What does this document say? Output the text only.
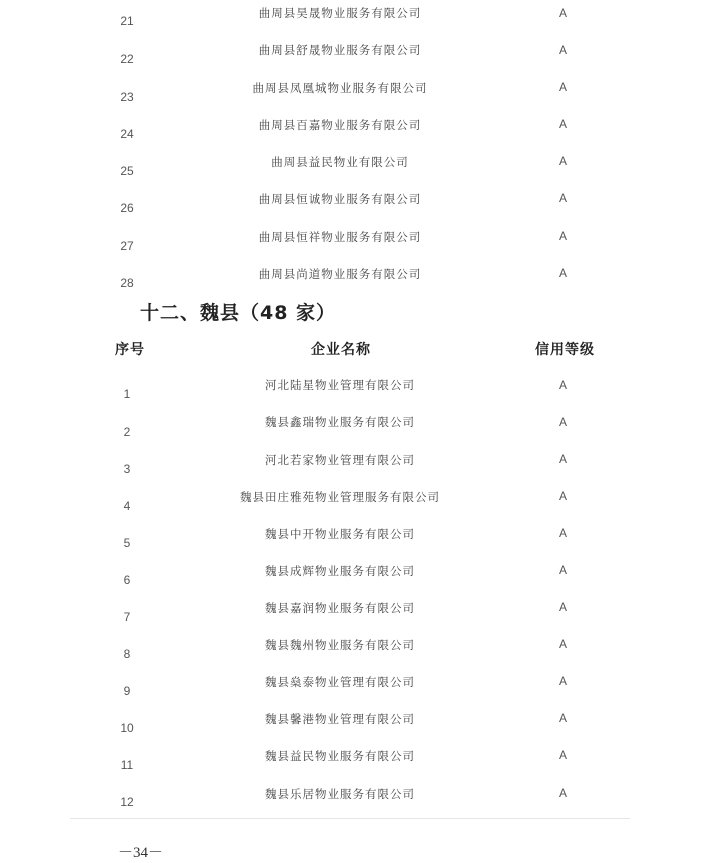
曲周县昊晟物业服务有限公司
21
A
曲周县舒晟物业服务有限公司
22
A
曲周县凤凰城物业服务有限公司
23
A
曲周县百嘉物业服务有限公司
24
A
曲周县益民物业有限公司
25
A
曲周县恒诚物业服务有限公司
26
A
曲周县恒祥物业服务有限公司
27
A
曲周县尚道物业服务有限公司
28
A
十二、魏县（48 家）
序号	企业名称	信用等级
河北陆星物业管理有限公司
1
A
魏县鑫瑞物业服务有限公司
2
A
河北若家物业管理有限公司
3
A
魏县田庄雅苑物业管理服务有限公司
4
A
魏县中开物业服务有限公司
5
A
魏县成辉物业服务有限公司
6
A
魏县嘉润物业服务有限公司
7
A
魏县魏州物业服务有限公司
8
A
魏县燊泰物业管理有限公司
9
A
魏县馨港物业管理有限公司
10
A
魏县益民物业服务有限公司
11
A
魏县乐居物业服务有限公司
12
A
－34－
